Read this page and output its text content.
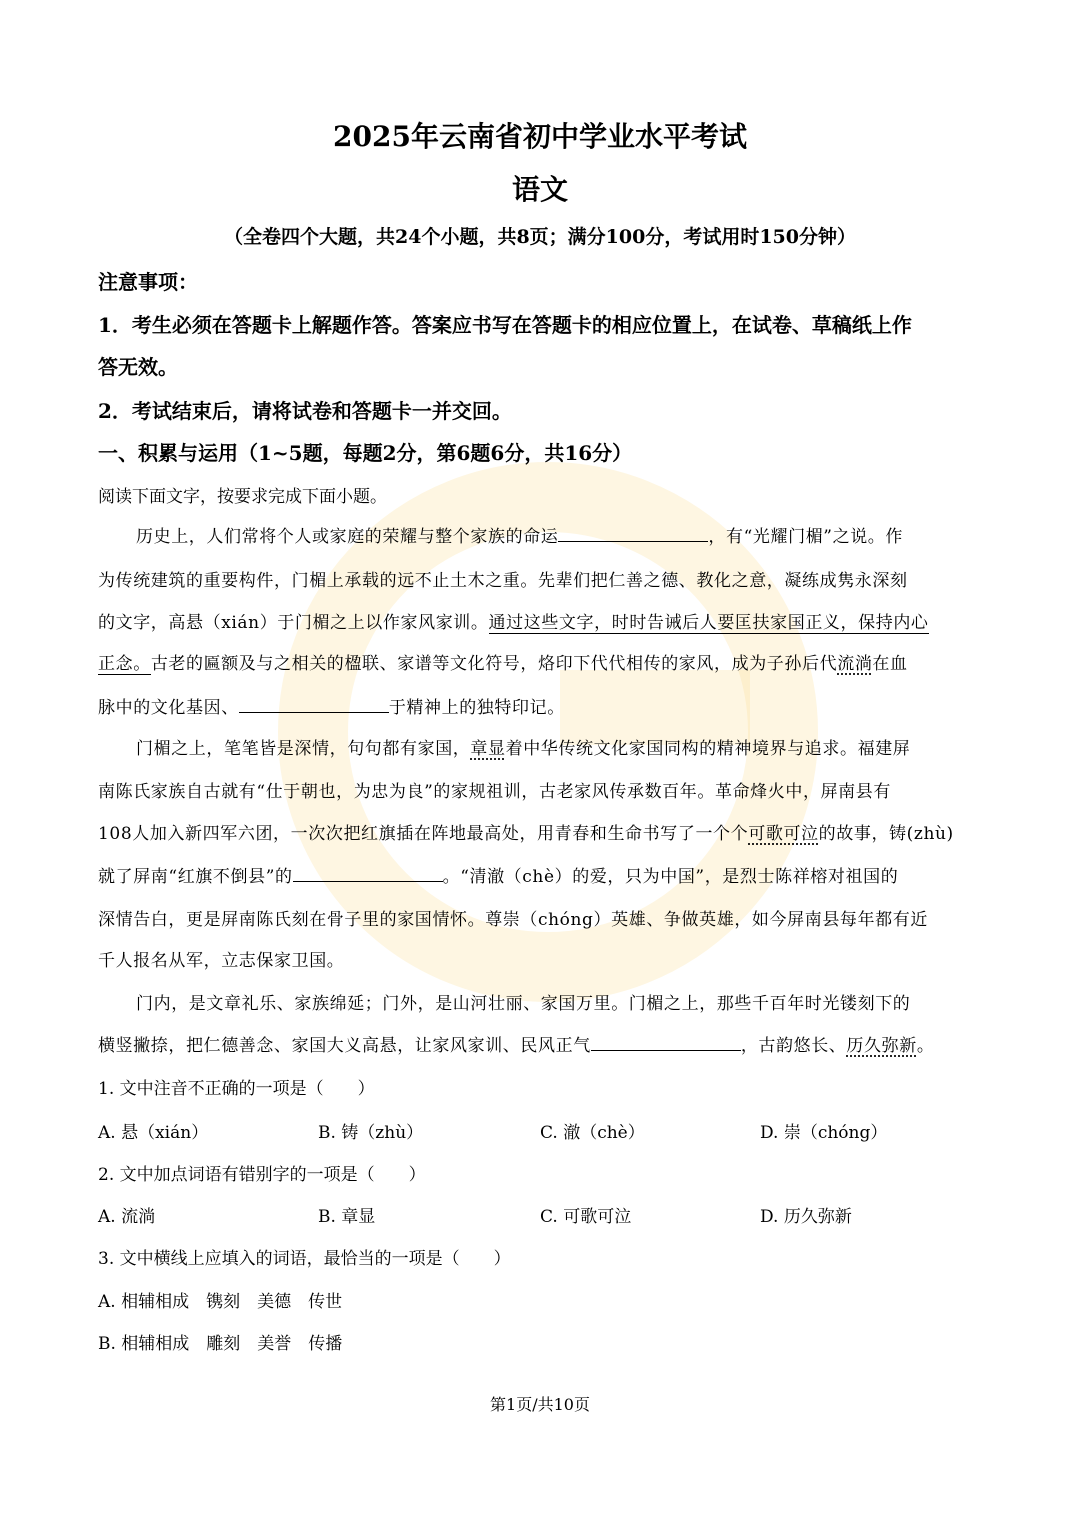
2025年云南省初中学业水平考试
语文
（全卷四个大题，共24个小题，共8页；满分100分，考试用时150分钟）
注意事项：
1．考生必须在答题卡上解题作答。答案应书写在答题卡的相应位置上，在试卷、草稿纸上作
答无效。
2．考试结束后，请将试卷和答题卡一并交回。
一、积累与运用（1~5题，每题2分，第6题6分，共16分）
阅读下面文字，按要求完成下面小题。
历史上，人们常将个人或家庭的荣耀与整个家族的命运	，有“光耀门楣”之说。作
为传统建筑的重要构件，门楣上承载的远不止土木之重。先辈们把仁善之德、教化之意，凝练成隽永深刻
的文字，高悬（xián）于门楣之上以作家风家训。通过这些文字，时时告诫后人要匡扶家国正义，保持内心
正念。古老的匾额及与之相关的楹联、家谱等文化符号，烙印下代代相传的家风，成为子孙后代流淌在血
脉中的文化基因、	于精神上的独特印记。
门楣之上，笔笔皆是深情，句句都有家国，章显着中华传统文化家国同构的精神境界与追求。福建屏
南陈氏家族自古就有“仕于朝也，为忠为良”的家规祖训，古老家风传承数百年。革命烽火中，屏南县有
108人加入新四军六团，一次次把红旗插在阵地最高处，用青春和生命书写了一个个可歌可泣的故事，铸(zhù)
就了屏南“红旗不倒县”的	。“清澈（chè）的爱，只为中国”，是烈士陈祥榕对祖国的
深情告白，更是屏南陈氏刻在骨子里的家国情怀。尊崇（chóng）英雄、争做英雄，如今屏南县每年都有近
千人报名从军，立志保家卫国。
门内，是文章礼乐、家族绵延；门外，是山河壮丽、家国万里。门楣之上，那些千百年时光镂刻下的
横竖撇捺，把仁德善念、家国大义高悬，让家风家训、民风正气	，古韵悠长、历久弥新。
1. 文中注音不正确的一项是（　　）
A. 悬（xián）	B. 铸（zhù）	C. 澈（chè）	D. 崇（chóng）
2. 文中加点词语有错别字的一项是（　　）
A. 流淌	B. 章显	C. 可歌可泣	D. 历久弥新
3. 文中横线上应填入的词语，最恰当的一项是（　　）
A. 相辅相成　镌刻　美德　传世
B. 相辅相成　雕刻　美誉　传播
第1页/共10页
